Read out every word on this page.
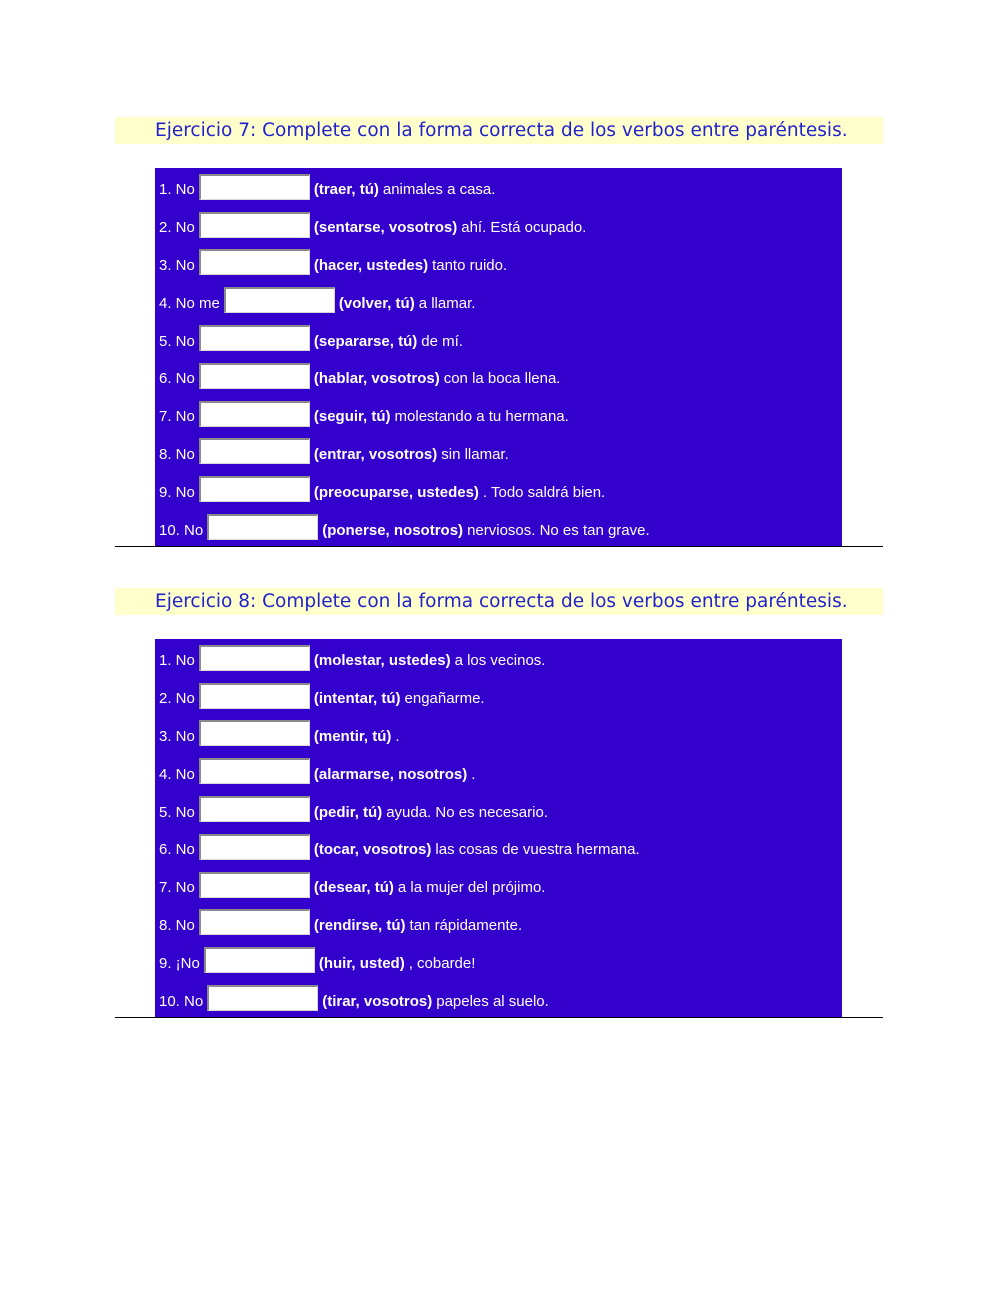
Ejercicio 7: Complete con la forma correcta de los verbos entre paréntesis.
1. No	(traer, tú) animales a casa.
2. No	(sentarse, vosotros) ahí. Está ocupado.
3. No	(hacer, ustedes) tanto ruido.
4. No me	(volver, tú) a llamar.
5. No	(separarse, tú) de mí.
6. No	(hablar, vosotros) con la boca llena.
7. No	(seguir, tú) molestando a tu hermana.
8. No	(entrar, vosotros) sin llamar.
9. No	(preocuparse, ustedes) . Todo saldrá bien.
10. No	(ponerse, nosotros) nerviosos. No es tan grave.
Ejercicio 8: Complete con la forma correcta de los verbos entre paréntesis.
1. No	(molestar, ustedes) a los vecinos.
2. No	(intentar, tú) engañarme.
3. No	(mentir, tú) .
4. No	(alarmarse, nosotros) .
5. No	(pedir, tú) ayuda. No es necesario.
6. No	(tocar, vosotros) las cosas de vuestra hermana.
7. No	(desear, tú) a la mujer del prójimo.
8. No	(rendirse, tú) tan rápidamente.
9. ¡No	(huir, usted) , cobarde!
10. No	(tirar, vosotros) papeles al suelo.
